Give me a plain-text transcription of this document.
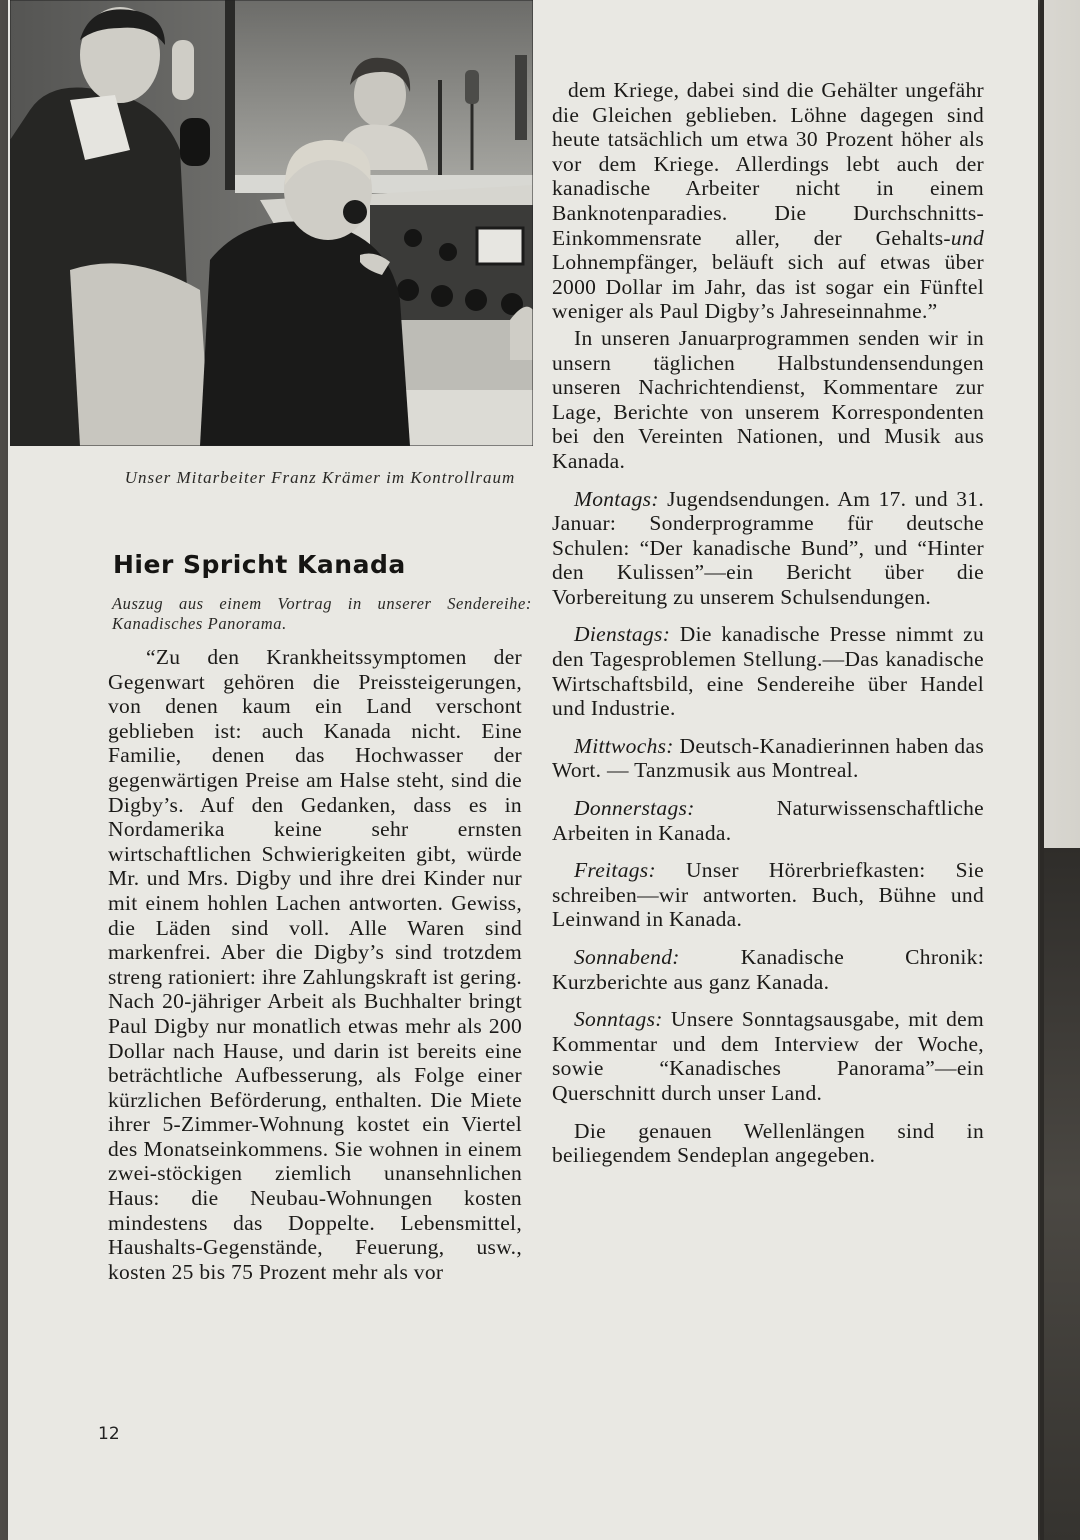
Unser Mitarbeiter Franz Krämer im Kontrollraum
Hier Spricht Kanada
Auszug aus einem Vortrag in unserer Sendereihe: Kanadisches Panorama.

“Zu den Krankheitssymptomen der Gegenwart gehören die Preissteigerungen, von denen kaum ein Land verschont geblieben ist: auch Kanada nicht. Eine Familie, denen das Hochwasser der gegenwärtigen Preise am Halse steht, sind die Digby’s. Auf den Gedanken, dass es in Nordamerika keine sehr ernsten wirtschaftlichen Schwierigkeiten gibt, würde Mr. und Mrs. Digby und ihre drei Kinder nur mit einem hohlen Lachen antworten. Gewiss, die Läden sind voll. Alle Waren sind markenfrei. Aber die Digby’s sind trotzdem streng rationiert: ihre Zahlungskraft ist gering. Nach 20-jähriger Arbeit als Buchhalter bringt Paul Digby nur monatlich etwas mehr als 200 Dollar nach Hause, und darin ist bereits eine beträchtliche Aufbesserung, als Folge einer kürzlichen Beförderung, enthalten. Die Miete ihrer 5-Zimmer-Wohnung kostet ein Viertel des Monatseinkommens. Sie wohnen in einem zwei-stöckigen ziemlich unansehnlichen Haus: die Neubau-Wohnungen kosten mindestens das Doppelte. Lebensmittel, Haushalts-Gegenstände, Feuerung, usw., kosten 25 bis 75 Prozent mehr als vor

dem Kriege, dabei sind die Gehälter ungefähr die Gleichen geblieben. Löhne dagegen sind heute tatsächlich um etwa 30 Prozent höher als vor dem Kriege. Allerdings lebt auch der kanadische Arbeiter nicht in einem Banknotenparadies. Die Durchschnitts-Einkommensrate aller, der Gehalts-und Lohnempfänger, beläuft sich auf etwas über 2000 Dollar im Jahr, das ist sogar ein Fünftel weniger als Paul Digby’s Jahreseinnahme.”

In unseren Januarprogrammen senden wir in unsern täglichen Halbstundensendungen unseren Nachrichtendienst, Kommentare zur Lage, Berichte von unserem Korrespondenten bei den Vereinten Nationen, und Musik aus Kanada.

Montags: Jugendsendungen. Am 17. und 31. Januar: Sonderprogramme für deutsche Schulen: “Der kanadische Bund”, und “Hinter den Kulissen”—ein Bericht über die Vorbereitung zu unserem Schulsendungen.

Dienstags: Die kanadische Presse nimmt zu den Tagesproblemen Stellung.—Das kanadische Wirtschaftsbild, eine Sendereihe über Handel und Industrie.

Mittwochs: Deutsch-Kanadierinnen haben das Wort. — Tanzmusik aus Montreal.

Donnerstags: Naturwissenschaftliche Arbeiten in Kanada.

Freitags: Unser Hörerbriefkasten: Sie schreiben—wir antworten. Buch, Bühne und Leinwand in Kanada.

Sonnabend: Kanadische Chronik: Kurzberichte aus ganz Kanada.

Sonntags: Unsere Sonntagsausgabe, mit dem Kommentar und dem Interview der Woche, sowie “Kanadisches Panorama”—ein Querschnitt durch unser Land.

Die genauen Wellenlängen sind in beiliegendem Sendeplan angegeben.

12
